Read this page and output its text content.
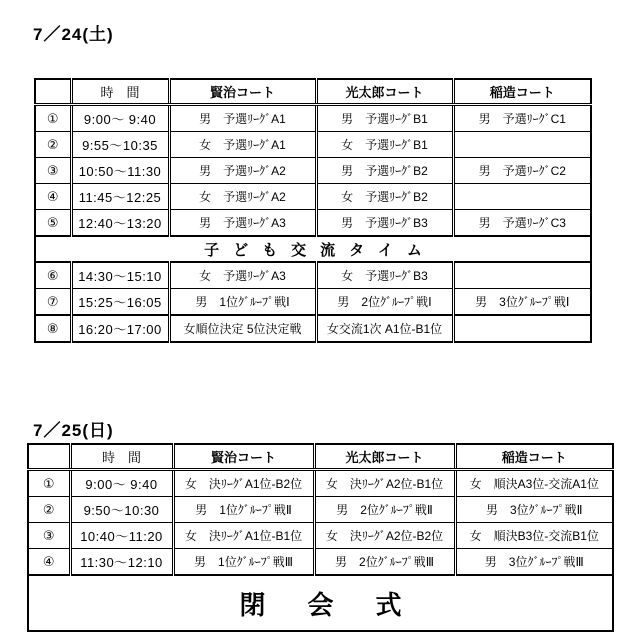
7／24(土)
	時　間	賢治コート	光太郎コート	稲造コート
①	9:00～ 9:40	男　予選ﾘｰｸﾞA1	男　予選ﾘｰｸﾞB1	男　予選ﾘｰｸﾞC1
②	9:55～10:35	女　予選ﾘｰｸﾞA1	女　予選ﾘｰｸﾞB1	
③	10:50～11:30	男　予選ﾘｰｸﾞA2	男　予選ﾘｰｸﾞB2	男　予選ﾘｰｸﾞC2
④	11:45～12:25	女　予選ﾘｰｸﾞA2	女　予選ﾘｰｸﾞB2	
⑤	12:40～13:20	男　予選ﾘｰｸﾞA3	男　予選ﾘｰｸﾞB3	男　予選ﾘｰｸﾞC3
子ども交流タイム				
⑥	14:30～15:10	女　予選ﾘｰｸﾞA3	女　予選ﾘｰｸﾞB3	
⑦	15:25～16:05	男　1位ｸﾞﾙｰﾌﾟ戦Ⅰ	男　2位ｸﾞﾙｰﾌﾟ戦Ⅰ	男　3位ｸﾞﾙｰﾌﾟ戦Ⅰ
⑧	16:20～17:00	女順位決定 5位決定戦	女交流1次 A1位-B1位	
7／25(日)
	時　間	賢治コート	光太郎コート	稲造コート
①	9:00～ 9:40	女　決ﾘｰｸﾞA1位-B2位	女　決ﾘｰｸﾞA2位-B1位	女　順決A3位-交流A1位
②	9:50～10:30	男　1位ｸﾞﾙｰﾌﾟ戦Ⅱ	男　2位ｸﾞﾙｰﾌﾟ戦Ⅱ	男　3位ｸﾞﾙｰﾌﾟ戦Ⅱ
③	10:40～11:20	女　決ﾘｰｸﾞA1位-B1位	女　決ﾘｰｸﾞA2位-B2位	女　順決B3位-交流B1位
④	11:30～12:10	男　1位ｸﾞﾙｰﾌﾟ戦Ⅲ	男　2位ｸﾞﾙｰﾌﾟ戦Ⅲ	男　3位ｸﾞﾙｰﾌﾟ戦Ⅲ
閉会式				
